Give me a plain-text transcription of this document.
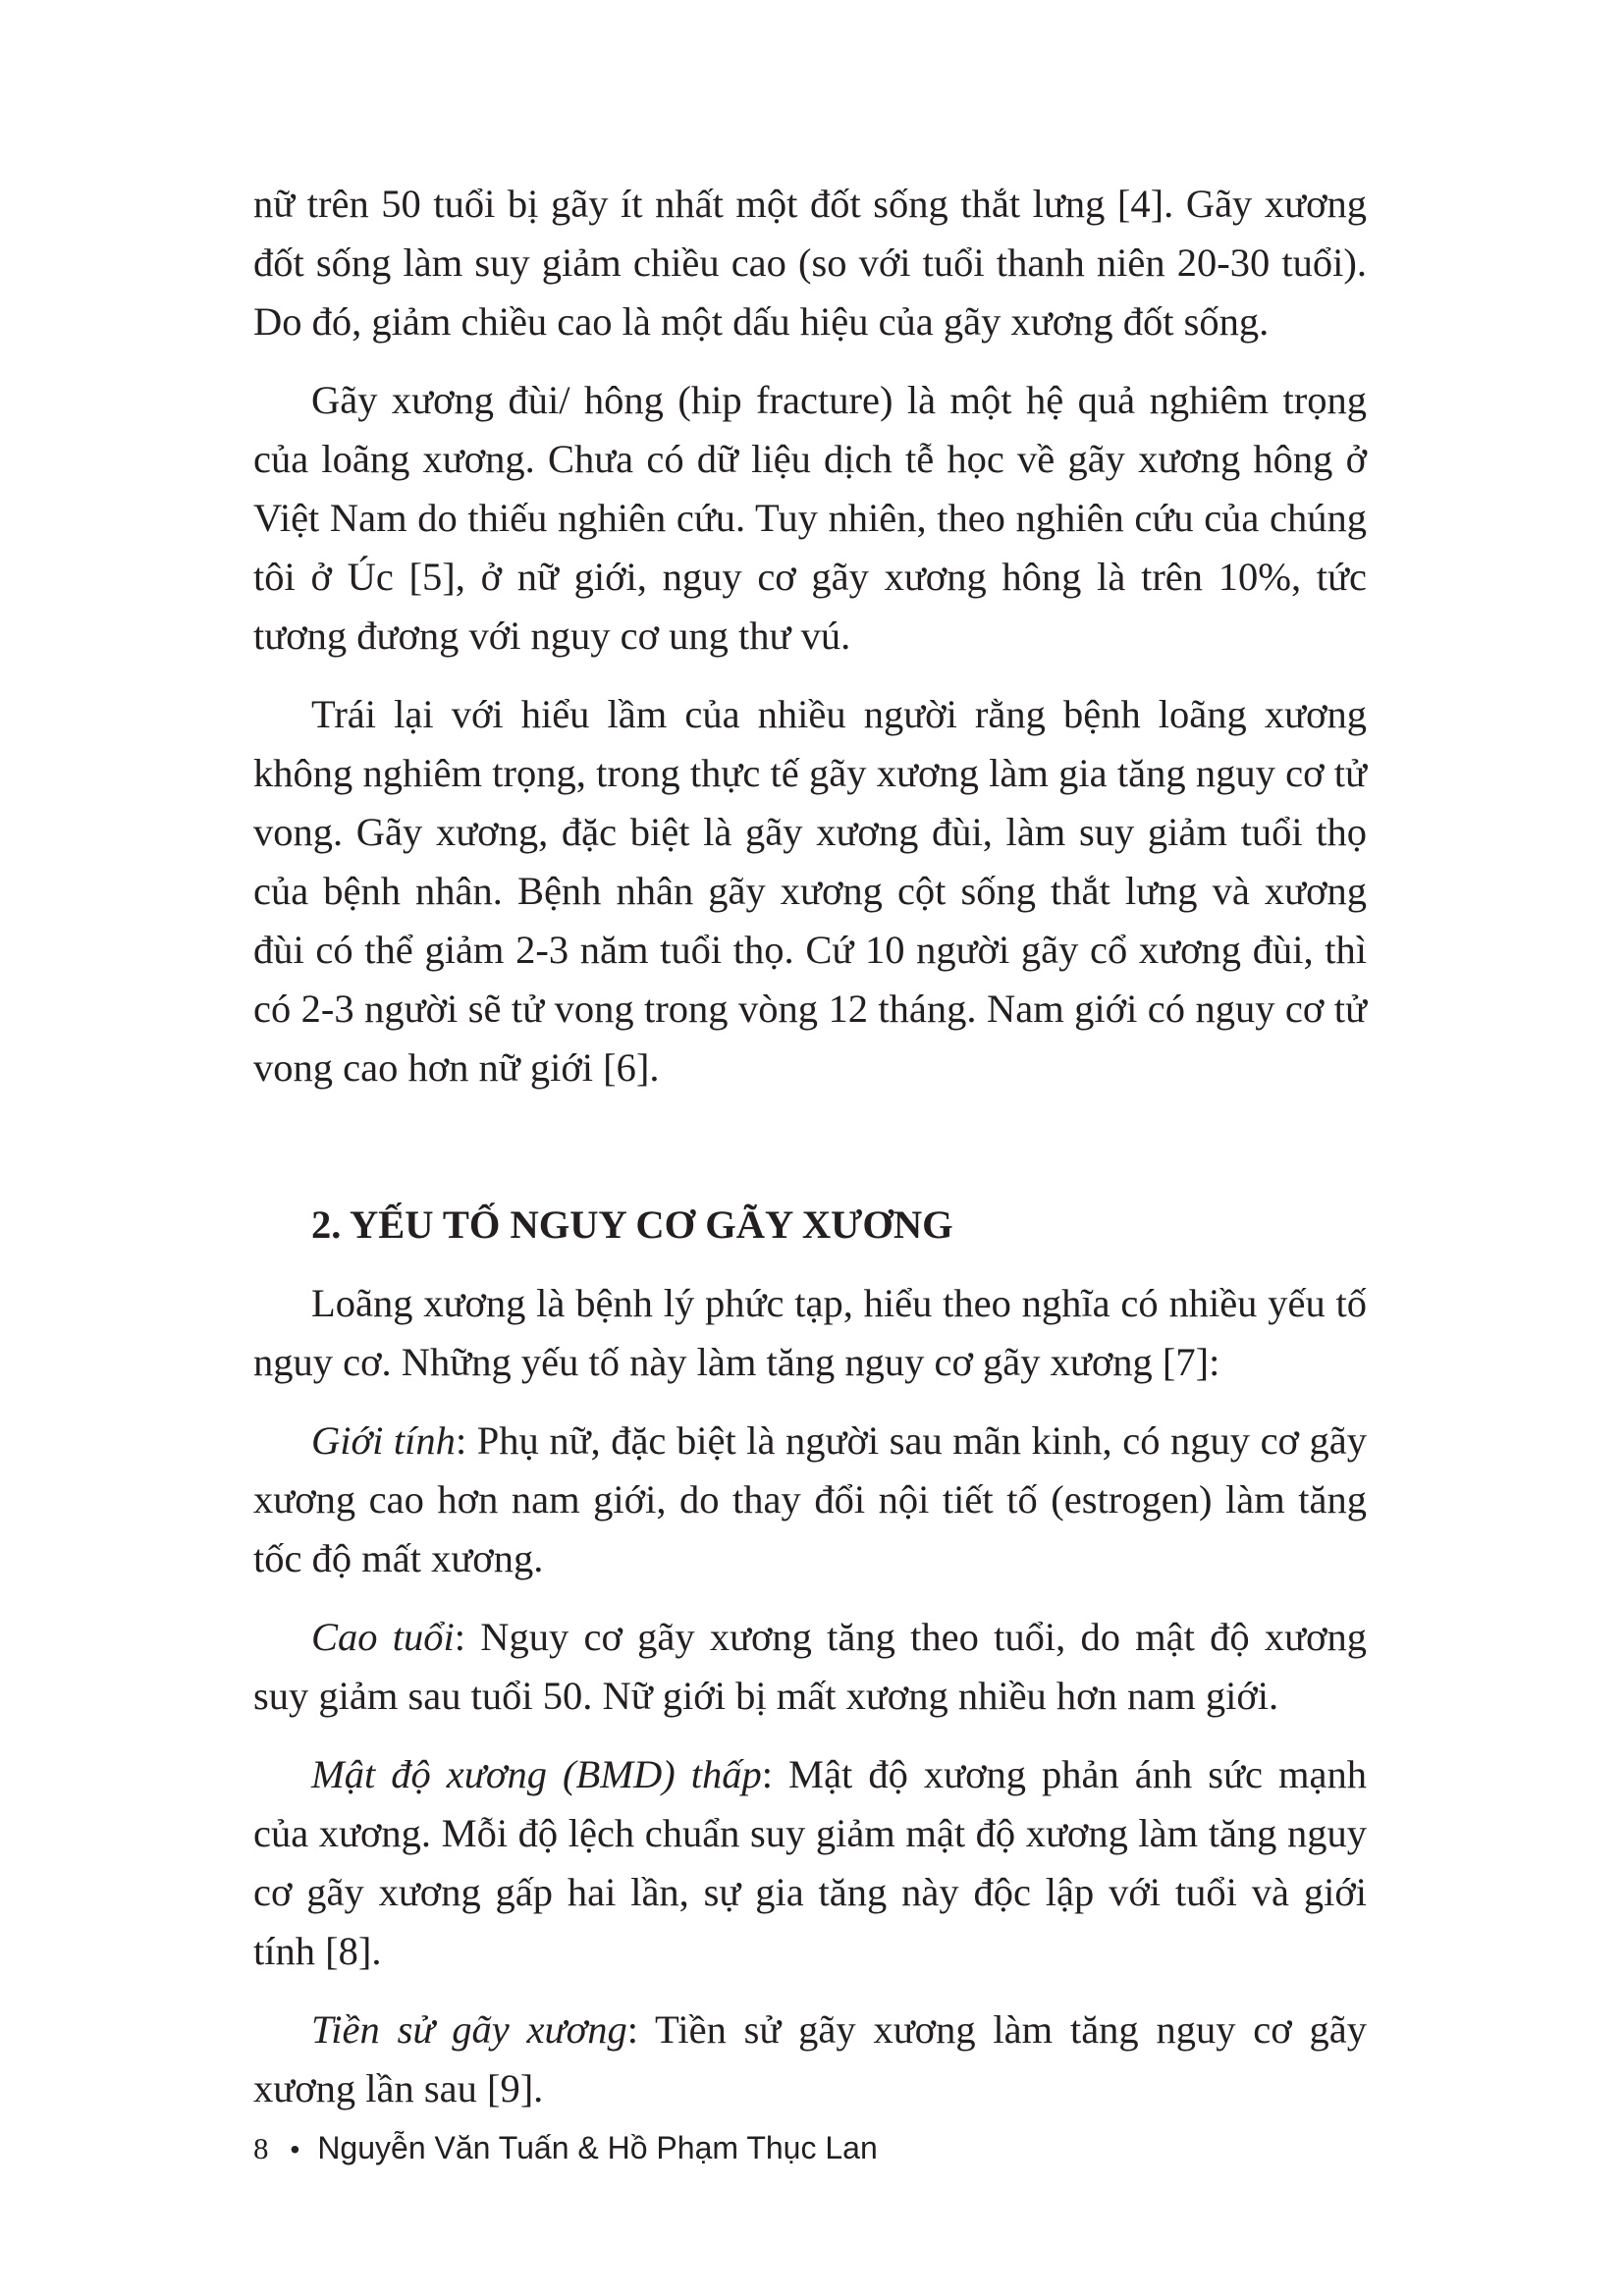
nữ trên 50 tuổi bị gãy ít nhất một đốt sống thắt lưng [4]. Gãy xương đốt sống làm suy giảm chiều cao (so với tuổi thanh niên 20-30 tuổi). Do đó, giảm chiều cao là một dấu hiệu của gãy xương đốt sống.

Gãy xương đùi/ hông (hip fracture) là một hệ quả nghiêm trọng của loãng xương. Chưa có dữ liệu dịch tễ học về gãy xương hông ở Việt Nam do thiếu nghiên cứu. Tuy nhiên, theo nghiên cứu của chúng tôi ở Úc [5], ở nữ giới, nguy cơ gãy xương hông là trên 10%, tức tương đương với nguy cơ ung thư vú.

Trái lại với hiểu lầm của nhiều người rằng bệnh loãng xương không nghiêm trọng, trong thực tế gãy xương làm gia tăng nguy cơ tử vong. Gãy xương, đặc biệt là gãy xương đùi, làm suy giảm tuổi thọ của bệnh nhân. Bệnh nhân gãy xương cột sống thắt lưng và xương đùi có thể giảm 2-3 năm tuổi thọ. Cứ 10 người gãy cổ xương đùi, thì có 2-3 người sẽ tử vong trong vòng 12 tháng. Nam giới có nguy cơ tử vong cao hơn nữ giới [6].

2. YẾU TỐ NGUY CƠ GÃY XƯƠNG

Loãng xương là bệnh lý phức tạp, hiểu theo nghĩa có nhiều yếu tố nguy cơ. Những yếu tố này làm tăng nguy cơ gãy xương [7]:

Giới tính: Phụ nữ, đặc biệt là người sau mãn kinh, có nguy cơ gãy xương cao hơn nam giới, do thay đổi nội tiết tố (estrogen) làm tăng tốc độ mất xương.

Cao tuổi: Nguy cơ gãy xương tăng theo tuổi, do mật độ xương suy giảm sau tuổi 50. Nữ giới bị mất xương nhiều hơn nam giới.

Mật độ xương (BMD) thấp: Mật độ xương phản ánh sức mạnh của xương. Mỗi độ lệch chuẩn suy giảm mật độ xương làm tăng nguy cơ gãy xương gấp hai lần, sự gia tăng này độc lập với tuổi và giới tính [8].

Tiền sử gãy xương: Tiền sử gãy xương làm tăng nguy cơ gãy xương lần sau [9].

8 • Nguyễn Văn Tuấn & Hồ Phạm Thục Lan
